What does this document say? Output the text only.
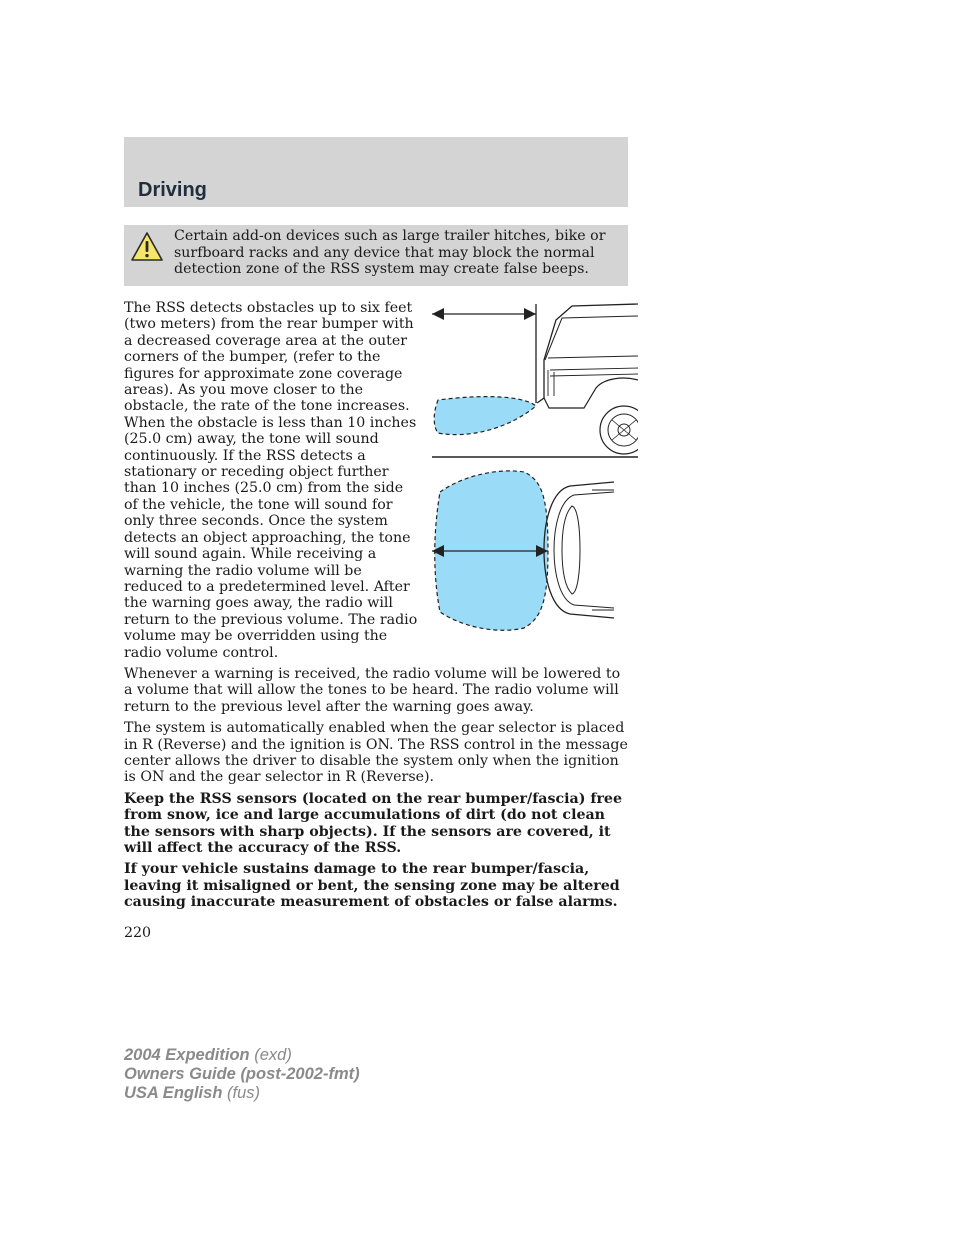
Driving
Certain add-on devices such as large trailer hitches, bike or surfboard racks and any device that may block the normal detection zone of the RSS system may create false beeps.

The RSS detects obstacles up to six feet (two meters) from the rear bumper with a decreased coverage area at the outer corners of the bumper, (refer to the figures for approximate zone coverage areas). As you move closer to the obstacle, the rate of the tone increases. When the obstacle is less than 10 inches (25.0 cm) away, the tone will sound continuously. If the RSS detects a stationary or receding object further than 10 inches (25.0 cm) from the side of the vehicle, the tone will sound for only three seconds. Once the system detects an object approaching, the tone will sound again. While receiving a warning the radio volume will be reduced to a predetermined level. After the warning goes away, the radio will return to the previous volume. The radio volume may be overridden using the radio volume control.

Whenever a warning is received, the radio volume will be lowered to a volume that will allow the tones to be heard. The radio volume will return to the previous level after the warning goes away.

The system is automatically enabled when the gear selector is placed in R (Reverse) and the ignition is ON. The RSS control in the message center allows the driver to disable the system only when the ignition is ON and the gear selector in R (Reverse).

Keep the RSS sensors (located on the rear bumper/fascia) free from snow, ice and large accumulations of dirt (do not clean the sensors with sharp objects). If the sensors are covered, it will affect the accuracy of the RSS.

If your vehicle sustains damage to the rear bumper/fascia, leaving it misaligned or bent, the sensing zone may be altered causing inaccurate measurement of obstacles or false alarms.

220
2004 Expedition (exd)
Owners Guide (post-2002-fmt)
USA English (fus)
